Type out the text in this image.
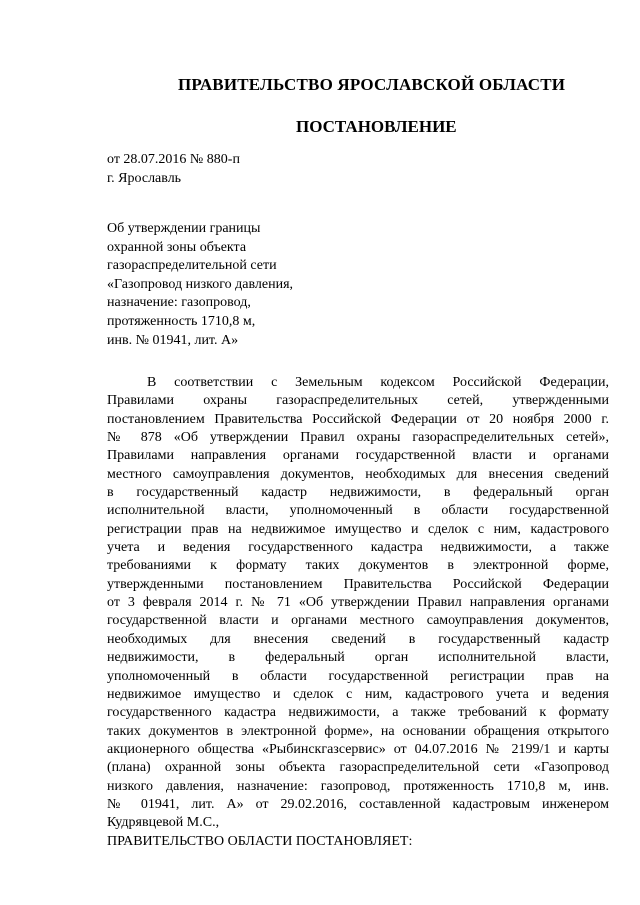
ПРАВИТЕЛЬСТВО ЯРОСЛАВСКОЙ ОБЛАСТИ
ПОСТАНОВЛЕНИЕ
от 28.07.2016 № 880-п
г. Ярославль
Об утверждении границы
охранной зоны объекта
газораспределительной сети
«Газопровод низкого давления,
назначение: газопровод,
протяженность 1710,8 м,
инв. № 01941, лит. А»
В соответствии с Земельным кодексом Российской Федерации,
Правилами охраны газораспределительных сетей, утвержденными
постановлением Правительства Российской Федерации от 20 ноября 2000 г.
№ 878 «Об утверждении Правил охраны газораспределительных сетей»,
Правилами направления органами государственной власти и органами
местного самоуправления документов, необходимых для внесения сведений
в государственный кадастр недвижимости, в федеральный орган
исполнительной власти, уполномоченный в области государственной
регистрации прав на недвижимое имущество и сделок с ним, кадастрового
учета и ведения государственного кадастра недвижимости, а также
требованиями к формату таких документов в электронной форме,
утвержденными постановлением Правительства Российской Федерации
от 3 февраля 2014 г. № 71 «Об утверждении Правил направления органами
государственной власти и органами местного самоуправления документов,
необходимых для внесения сведений в государственный кадастр
недвижимости, в федеральный орган исполнительной власти,
уполномоченный в области государственной регистрации прав на
недвижимое имущество и сделок с ним, кадастрового учета и ведения
государственного кадастра недвижимости, а также требований к формату
таких документов в электронной форме», на основании обращения открытого
акционерного общества «Рыбинскгазсервис» от 04.07.2016 № 2199/1 и карты
(плана) охранной зоны объекта газораспределительной сети «Газопровод
низкого давления, назначение: газопровод, протяженность 1710,8 м, инв.
№ 01941, лит. А» от 29.02.2016, составленной кадастровым инженером
Кудрявцевой М.С.,
ПРАВИТЕЛЬСТВО ОБЛАСТИ ПОСТАНОВЛЯЕТ:
